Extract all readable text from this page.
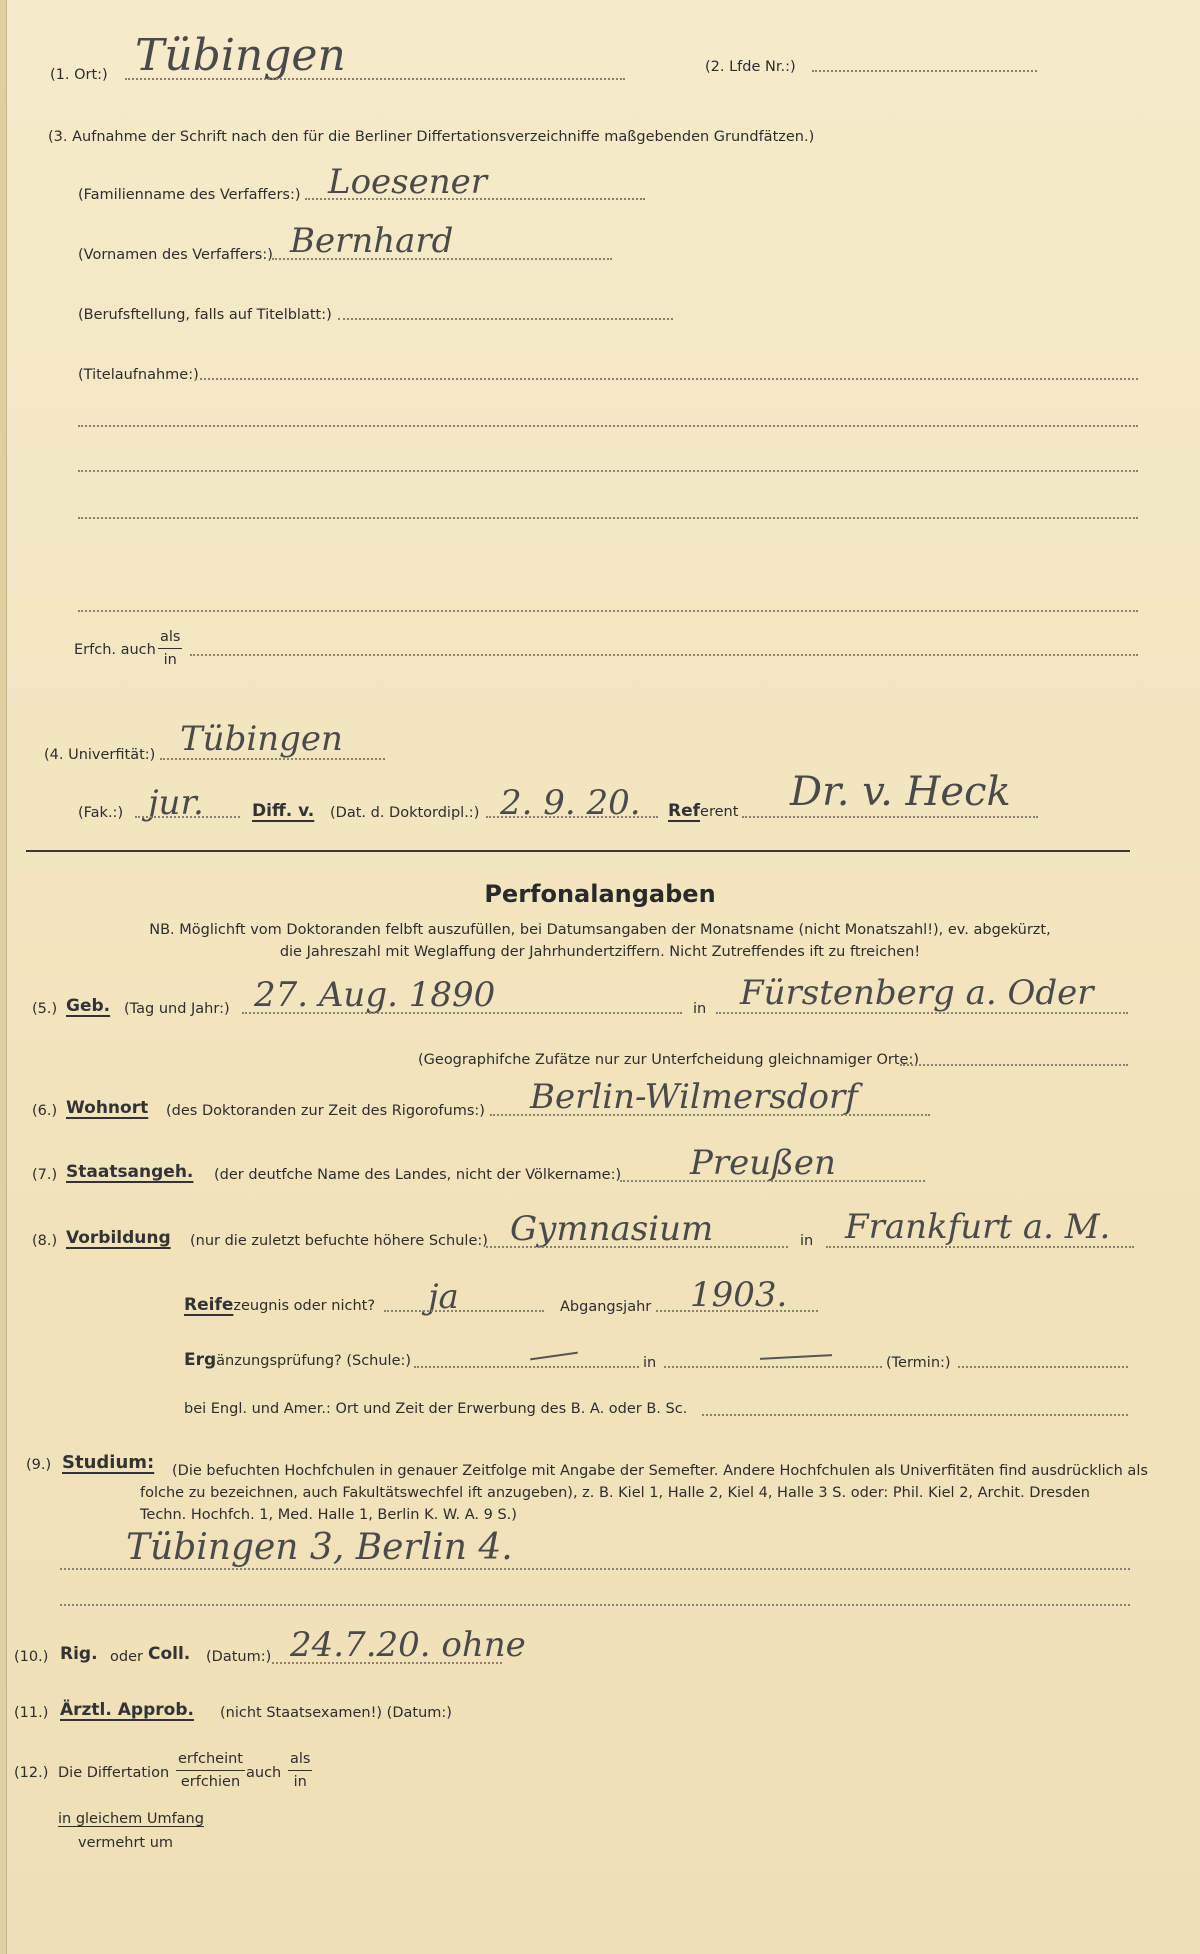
(1. Ort:) Tübingen	(2. Lfde Nr.:)
(3. Aufnahme der Schrift nach den für die Berliner Differtationsverzeichniffe maßgebenden Grundfätzen.)
(Familienname des Verfaffers:) Loesener
(Vornamen des Verfaffers:) Bernhard
(Berufsftellung, falls auf Titelblatt:)
(Titelaufnahme:)
Erfch. auch
als
in
(4. Univerfität:) Tübingen
(Fak.:) jur.	Diff. v. (Dat. d. Doktordipl.:) 2. 9. 20. Referent Dr. v. Heck
Perfonalangaben
NB. Möglichft vom Doktoranden felbft auszufüllen, bei Datumsangaben der Monatsname (nicht Monatszahl!), ev. abgekürzt,
die Jahreszahl mit Weglaffung der Jahrhundertziffern. Nicht Zutreffendes ift zu ftreichen!
(5.) Geb. (Tag und Jahr:) 27. Aug. 1890	in Fürstenberg a. Oder
(Geographifche Zufätze nur zur Unterfcheidung gleichnamiger Orte:)
(6.) Wohnort (des Doktoranden zur Zeit des Rigorofums:) Berlin-Wilmersdorf
(7.) Staatsangeh. (der deutfche Name des Landes, nicht der Völkername:) Preußen
(8.) Vorbildung (nur die zuletzt befuchte höhere Schule:) Gymnasium	in Frankfurt a. M.
Reifezeugnis oder nicht? ja	Abgangsjahr 1903.
Ergänzungsprüfung? (Schule:)	in	(Termin:)
bei Engl. und Amer.: Ort und Zeit der Erwerbung des B. A. oder B. Sc.
(9.) Studium: (Die befuchten Hochfchulen in genauer Zeitfolge mit Angabe der Semefter. Andere Hochfchulen als Univerfitäten find ausdrücklich als
folche zu bezeichnen, auch Fakultätswechfel ift anzugeben), z. B. Kiel 1, Halle 2, Kiel 4, Halle 3 S. oder: Phil. Kiel 2, Archit. Dresden
Techn. Hochfch. 1, Med. Halle 1, Berlin K. W. A. 9 S.)
Tübingen 3, Berlin 4.
(10.) Rig. oder Coll. (Datum:) 24.7.20. ohne
(11.) Ärztl. Approb. (nicht Staatsexamen!) (Datum:)
(12.) Die Differtation
erfcheint
erfchien
auch
als
in
in gleichem Umfang
vermehrt um
